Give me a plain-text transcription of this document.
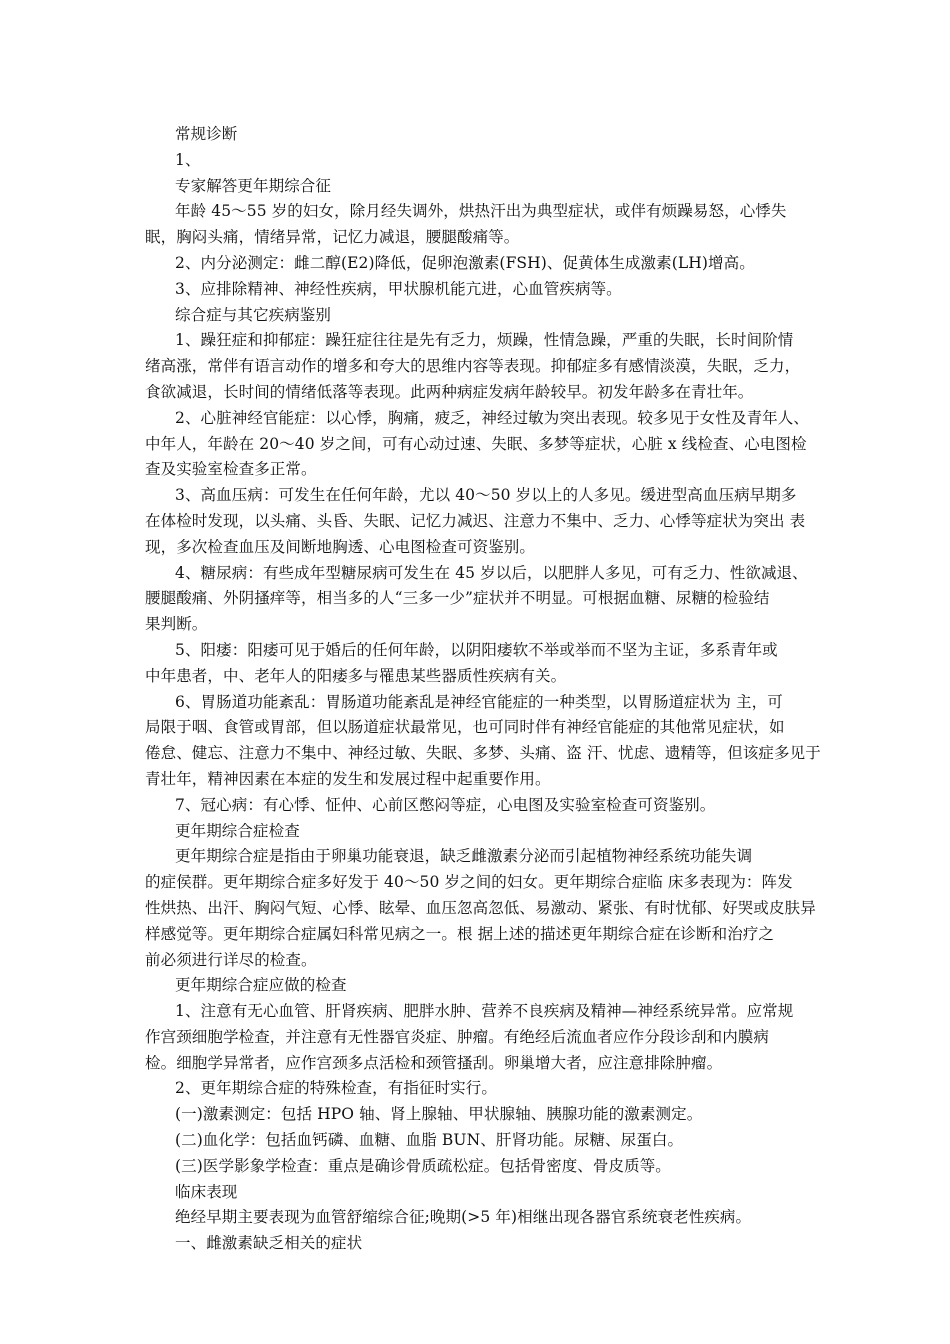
常规诊断

1、

专家解答更年期综合征

年龄 45～55 岁的妇女，除月经失调外，烘热汗出为典型症状，或伴有烦躁易怒，心悸失

眠，胸闷头痛，情绪异常，记忆力减退，腰腿酸痛等。

2、内分泌测定：雌二醇(E2)降低，促卵泡激素(FSH)、促黄体生成激素(LH)增高。

3、应排除精神、神经性疾病，甲状腺机能亢进，心血管疾病等。

综合症与其它疾病鉴别

1、躁狂症和抑郁症：躁狂症往往是先有乏力，烦躁，性情急躁，严重的失眠，长时间阶情

绪高涨，常伴有语言动作的增多和夸大的思维内容等表现。抑郁症多有感情淡漠，失眠，乏力，

食欲减退，长时间的情绪低落等表现。此两种病症发病年龄较早。初发年龄多在青壮年。

2、心脏神经官能症：以心悸，胸痛，疲乏，神经过敏为突出表现。较多见于女性及青年人、

中年人，年龄在 20～40 岁之间，可有心动过速、失眠、多梦等症状，心脏 x 线检查、心电图检

查及实验室检查多正常。

3、高血压病：可发生在任何年龄，尤以 40～50 岁以上的人多见。缓进型高血压病早期多

在体检时发现，以头痛、头昏、失眠、记忆力减迟、注意力不集中、乏力、心悸等症状为突出 表

现，多次检查血压及间断地胸透、心电图检查可资鉴别。

4、糖尿病：有些成年型糖尿病可发生在 45 岁以后，以肥胖人多见，可有乏力、性欲减退、

腰腿酸痛、外阴搔痒等，相当多的人“三多一少”症状并不明显。可根据血糖、尿糖的检验结

果判断。

5、阳痿：阳痿可见于婚后的任何年龄，以阴阳痿软不举或举而不坚为主证，多系青年或

中年患者，中、老年人的阳痿多与罹患某些器质性疾病有关。

6、胃肠道功能紊乱：胃肠道功能紊乱是神经官能症的一种类型，以胃肠道症状为 主，可

局限于咽、食管或胃部，但以肠道症状最常见，也可同时伴有神经官能症的其他常见症状，如

倦怠、健忘、注意力不集中、神经过敏、失眠、多梦、头痛、盗 汗、忧虑、遗精等，但该症多见于

青壮年，精神因素在本症的发生和发展过程中起重要作用。

7、冠心病：有心悸、怔仲、心前区憋闷等症，心电图及实验室检查可资鉴别。

更年期综合症检查

更年期综合症是指由于卵巢功能衰退，缺乏雌激素分泌而引起植物神经系统功能失调

的症侯群。更年期综合症多好发于 40～50 岁之间的妇女。更年期综合症临 床多表现为：阵发

性烘热、出汗、胸闷气短、心悸、眩晕、血压忽高忽低、易激动、紧张、有时忧郁、好哭或皮肤异

样感觉等。更年期综合症属妇科常见病之一。根 据上述的描述更年期综合症在诊断和治疗之

前必须进行详尽的检查。

更年期综合症应做的检查

1、注意有无心血管、肝肾疾病、肥胖水肿、营养不良疾病及精神—神经系统异常。应常规

作宫颈细胞学检查，并注意有无性器官炎症、肿瘤。有绝经后流血者应作分段诊刮和内膜病

检。细胞学异常者，应作宫颈多点活检和颈管搔刮。卵巢增大者，应注意排除肿瘤。

2、更年期综合症的特殊检查，有指征时实行。

(一)激素测定：包括 HPO 轴、肾上腺轴、甲状腺轴、胰腺功能的激素测定。

(二)血化学：包括血钙磷、血糖、血脂 BUN、肝肾功能。尿糖、尿蛋白。

(三)医学影象学检查：重点是确诊骨质疏松症。包括骨密度、骨皮质等。

临床表现

绝经早期主要表现为血管舒缩综合征;晚期(>5 年)相继出现各器官系统衰老性疾病。

一、雌激素缺乏相关的症状
